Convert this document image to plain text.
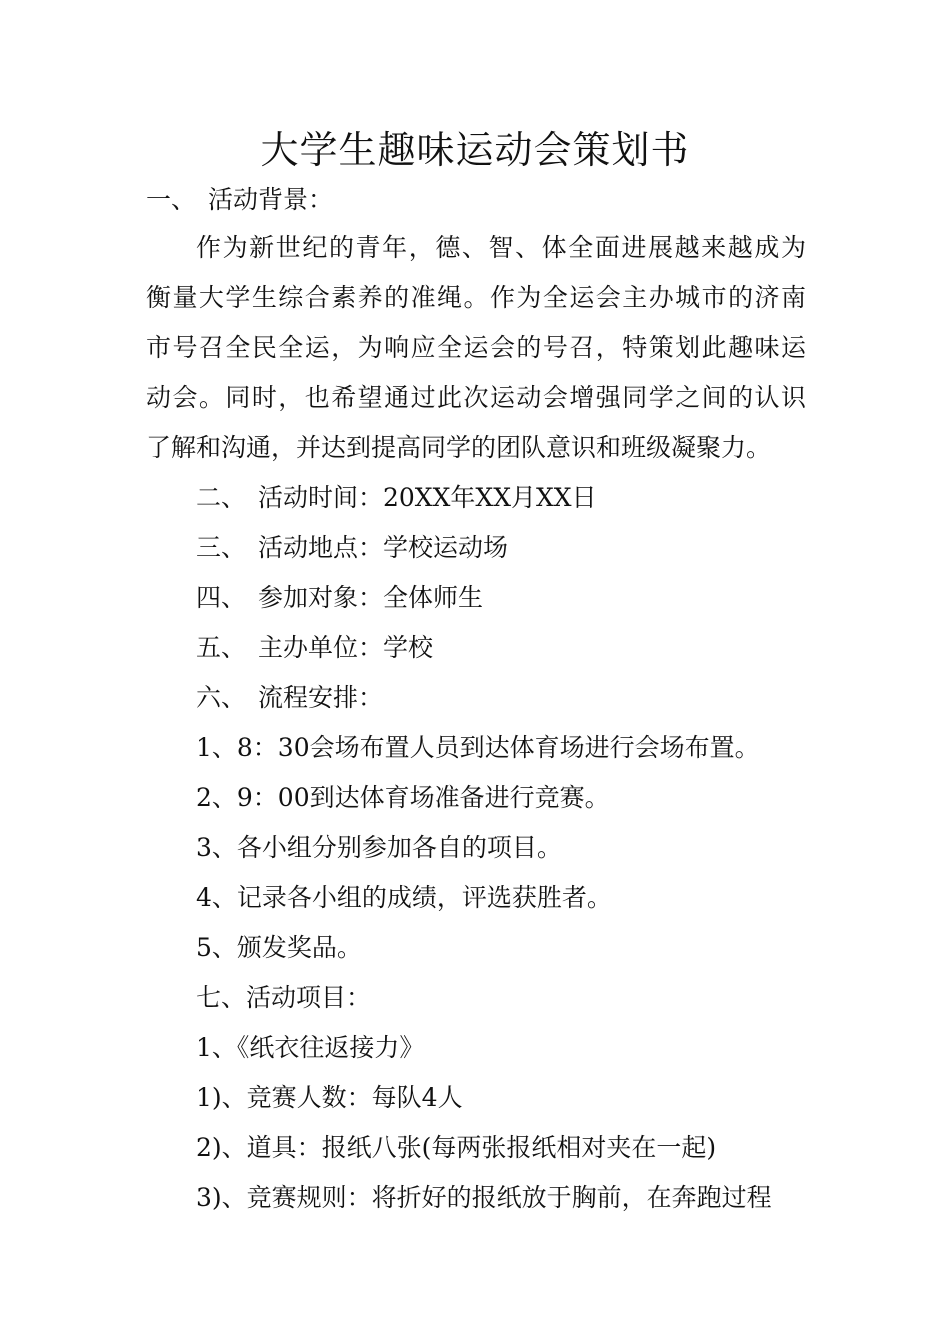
大学生趣味运动会策划书
一、 活动背景：
作为新世纪的青年，德、智、体全面进展越来越成为
衡量大学生综合素养的准绳。作为全运会主办城市的济南
市号召全民全运，为响应全运会的号召，特策划此趣味运
动会。同时，也希望通过此次运动会增强同学之间的认识
了解和沟通，并达到提高同学的团队意识和班级凝聚力。
二、 活动时间：20XX年XX月XX日
三、 活动地点：学校运动场
四、 参加对象：全体师生
五、 主办单位：学校
六、 流程安排：
1、8：30会场布置人员到达体育场进行会场布置。
2、9：00到达体育场准备进行竞赛。
3、各小组分别参加各自的项目。
4、记录各小组的成绩，评选获胜者。
5、颁发奖品。
七、活动项目：
1、《纸衣往返接力》
1)、竞赛人数：每队4人
2)、道具：报纸八张(每两张报纸相对夹在一起)
3)、竞赛规则：将折好的报纸放于胸前，在奔跑过程
